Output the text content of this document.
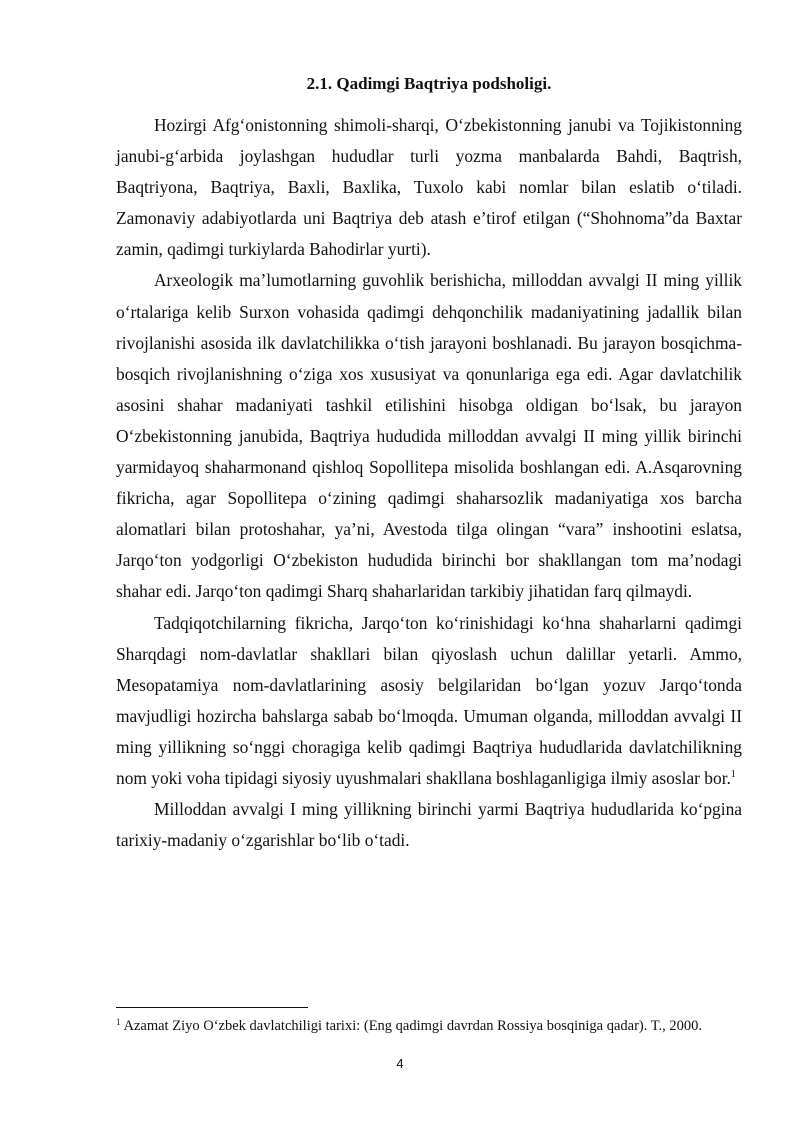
2.1. Qadimgi Baqtriya podsholigi.

Hozirgi Afg‘onistonning shimoli-sharqi, O‘zbekistonning janubi va Tojikistonning janubi-g‘arbida joylashgan hududlar turli yozma manbalarda Bahdi, Baqtrish, Baqtriyona, Baqtriya, Baxli, Baxlika, Tuxolo kabi nomlar bilan eslatib o‘tiladi. Zamonaviy adabiyotlarda uni Baqtriya deb atash e’tirof etilgan (“Shohnoma”da Baxtar zamin, qadimgi turkiylarda Bahodirlar yurti).

Arxeologik ma’lumotlarning guvohlik berishicha, milloddan avvalgi II ming yillik o‘rtalariga kelib Surxon vohasida qadimgi dehqonchilik madaniyatining jadallik bilan rivojlanishi asosida ilk davlatchilikka o‘tish jarayoni boshlanadi. Bu jarayon bosqichma-bosqich rivojlanishning o‘ziga xos xususiyat va qonunlariga ega edi. Agar davlatchilik asosini shahar madaniyati tashkil etilishini hisobga oldigan bo‘lsak, bu jarayon O‘zbekistonning janubida, Baqtriya hududida milloddan avvalgi II ming yillik birinchi yarmidayoq shaharmonand qishloq Sopollitepa misolida boshlangan edi. A.Asqarovning fikricha, agar Sopollitepa o‘zining qadimgi shaharsozlik madaniyatiga xos barcha alomatlari bilan protoshahar, ya’ni, Avestoda tilga olingan “vara” inshootini eslatsa, Jarqo‘ton yodgorligi O‘zbekiston hududida birinchi bor shakllangan tom ma’nodagi shahar edi. Jarqo‘ton qadimgi Sharq shaharlaridan tarkibiy jihatidan farq qilmaydi.

Tadqiqotchilarning fikricha, Jarqo‘ton ko‘rinishidagi ko‘hna shaharlarni qadimgi Sharqdagi nom-davlatlar shakllari bilan qiyoslash uchun dalillar yetarli. Ammo, Mesopatamiya nom-davlatlarining asosiy belgilaridan bo‘lgan yozuv Jarqo‘tonda mavjudligi hozircha bahslarga sabab bo‘lmoqda. Umuman olganda, milloddan avvalgi II ming yillikning so‘nggi choragiga kelib qadimgi Baqtriya hududlarida davlatchilikning nom yoki voha tipidagi siyosiy uyushmalari shakllana boshlaganligiga ilmiy asoslar bor.$^1$

Milloddan avvalgi I ming yillikning birinchi yarmi Baqtriya hududlarida ko‘pgina tarixiy-madaniy o‘zgarishlar bo‘lib o‘tadi.

$^1$ Azamat Ziyo O‘zbek davlatchiligi tarixi: (Eng qadimgi davrdan Rossiya bosqiniga qadar). T., 2000.

4
